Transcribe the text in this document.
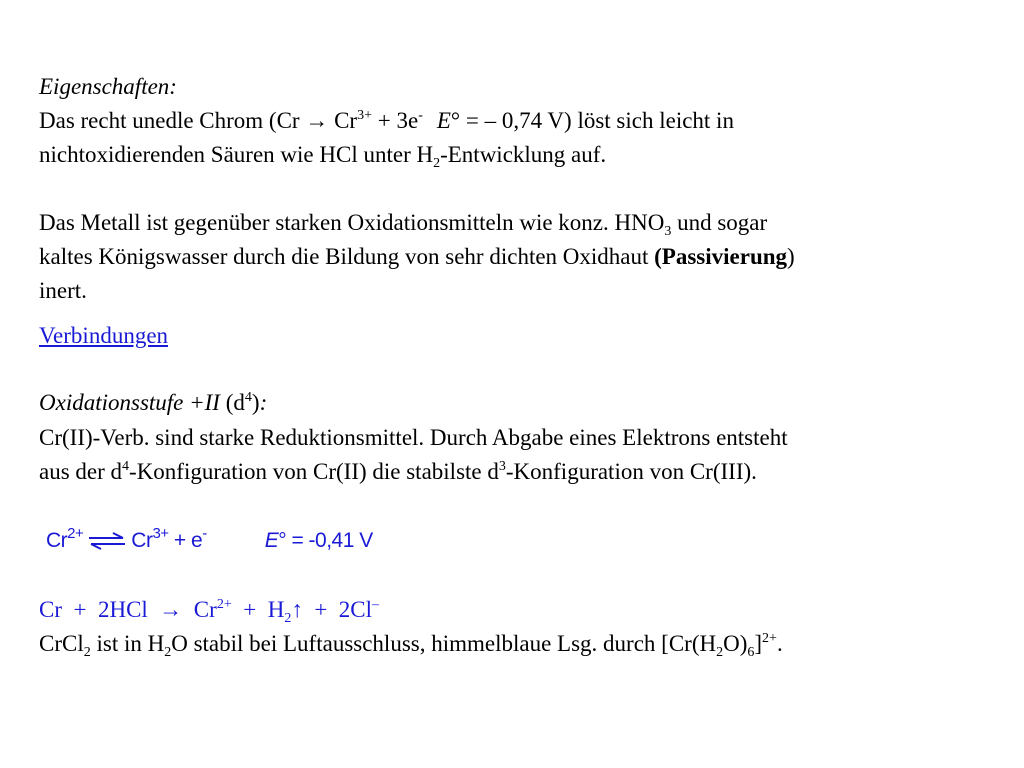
Eigenschaften:
Das recht unedle Chrom ($Cr \to Cr^{3+} + 3e^-$ E° = – 0,74 V) löst sich leicht in
nichtoxidierenden Säuren wie HCl unter $H_2$-Entwicklung auf.
Das Metall ist gegenüber starken Oxidationsmitteln wie konz. $HNO_3$ und sogar
kaltes Königswasser durch die Bildung von sehr dichten Oxidhaut (Passivierung)
inert.
Verbindungen
Oxidationsstufe +II $(d^4)$:
Cr(II)-Verb. sind starke Reduktionsmittel. Durch Abgabe eines Elektrons entsteht
aus der $d^4$-Konfiguration von Cr(II) die stabilste $d^3$-Konfiguration von Cr(III).
$Cr^{2+}$ ⇌ $Cr^{3+} + e^-$	E° = -0,41 V
$Cr + 2HCl \to Cr^{2+}$  +  $H_2↑ + 2Cl^-$
CrCl$_2$ ist in $H_2O$ stabil bei Luftausschluss, himmelblaue Lsg. durch $[Cr(H_2O)_6]^{2+}$.
